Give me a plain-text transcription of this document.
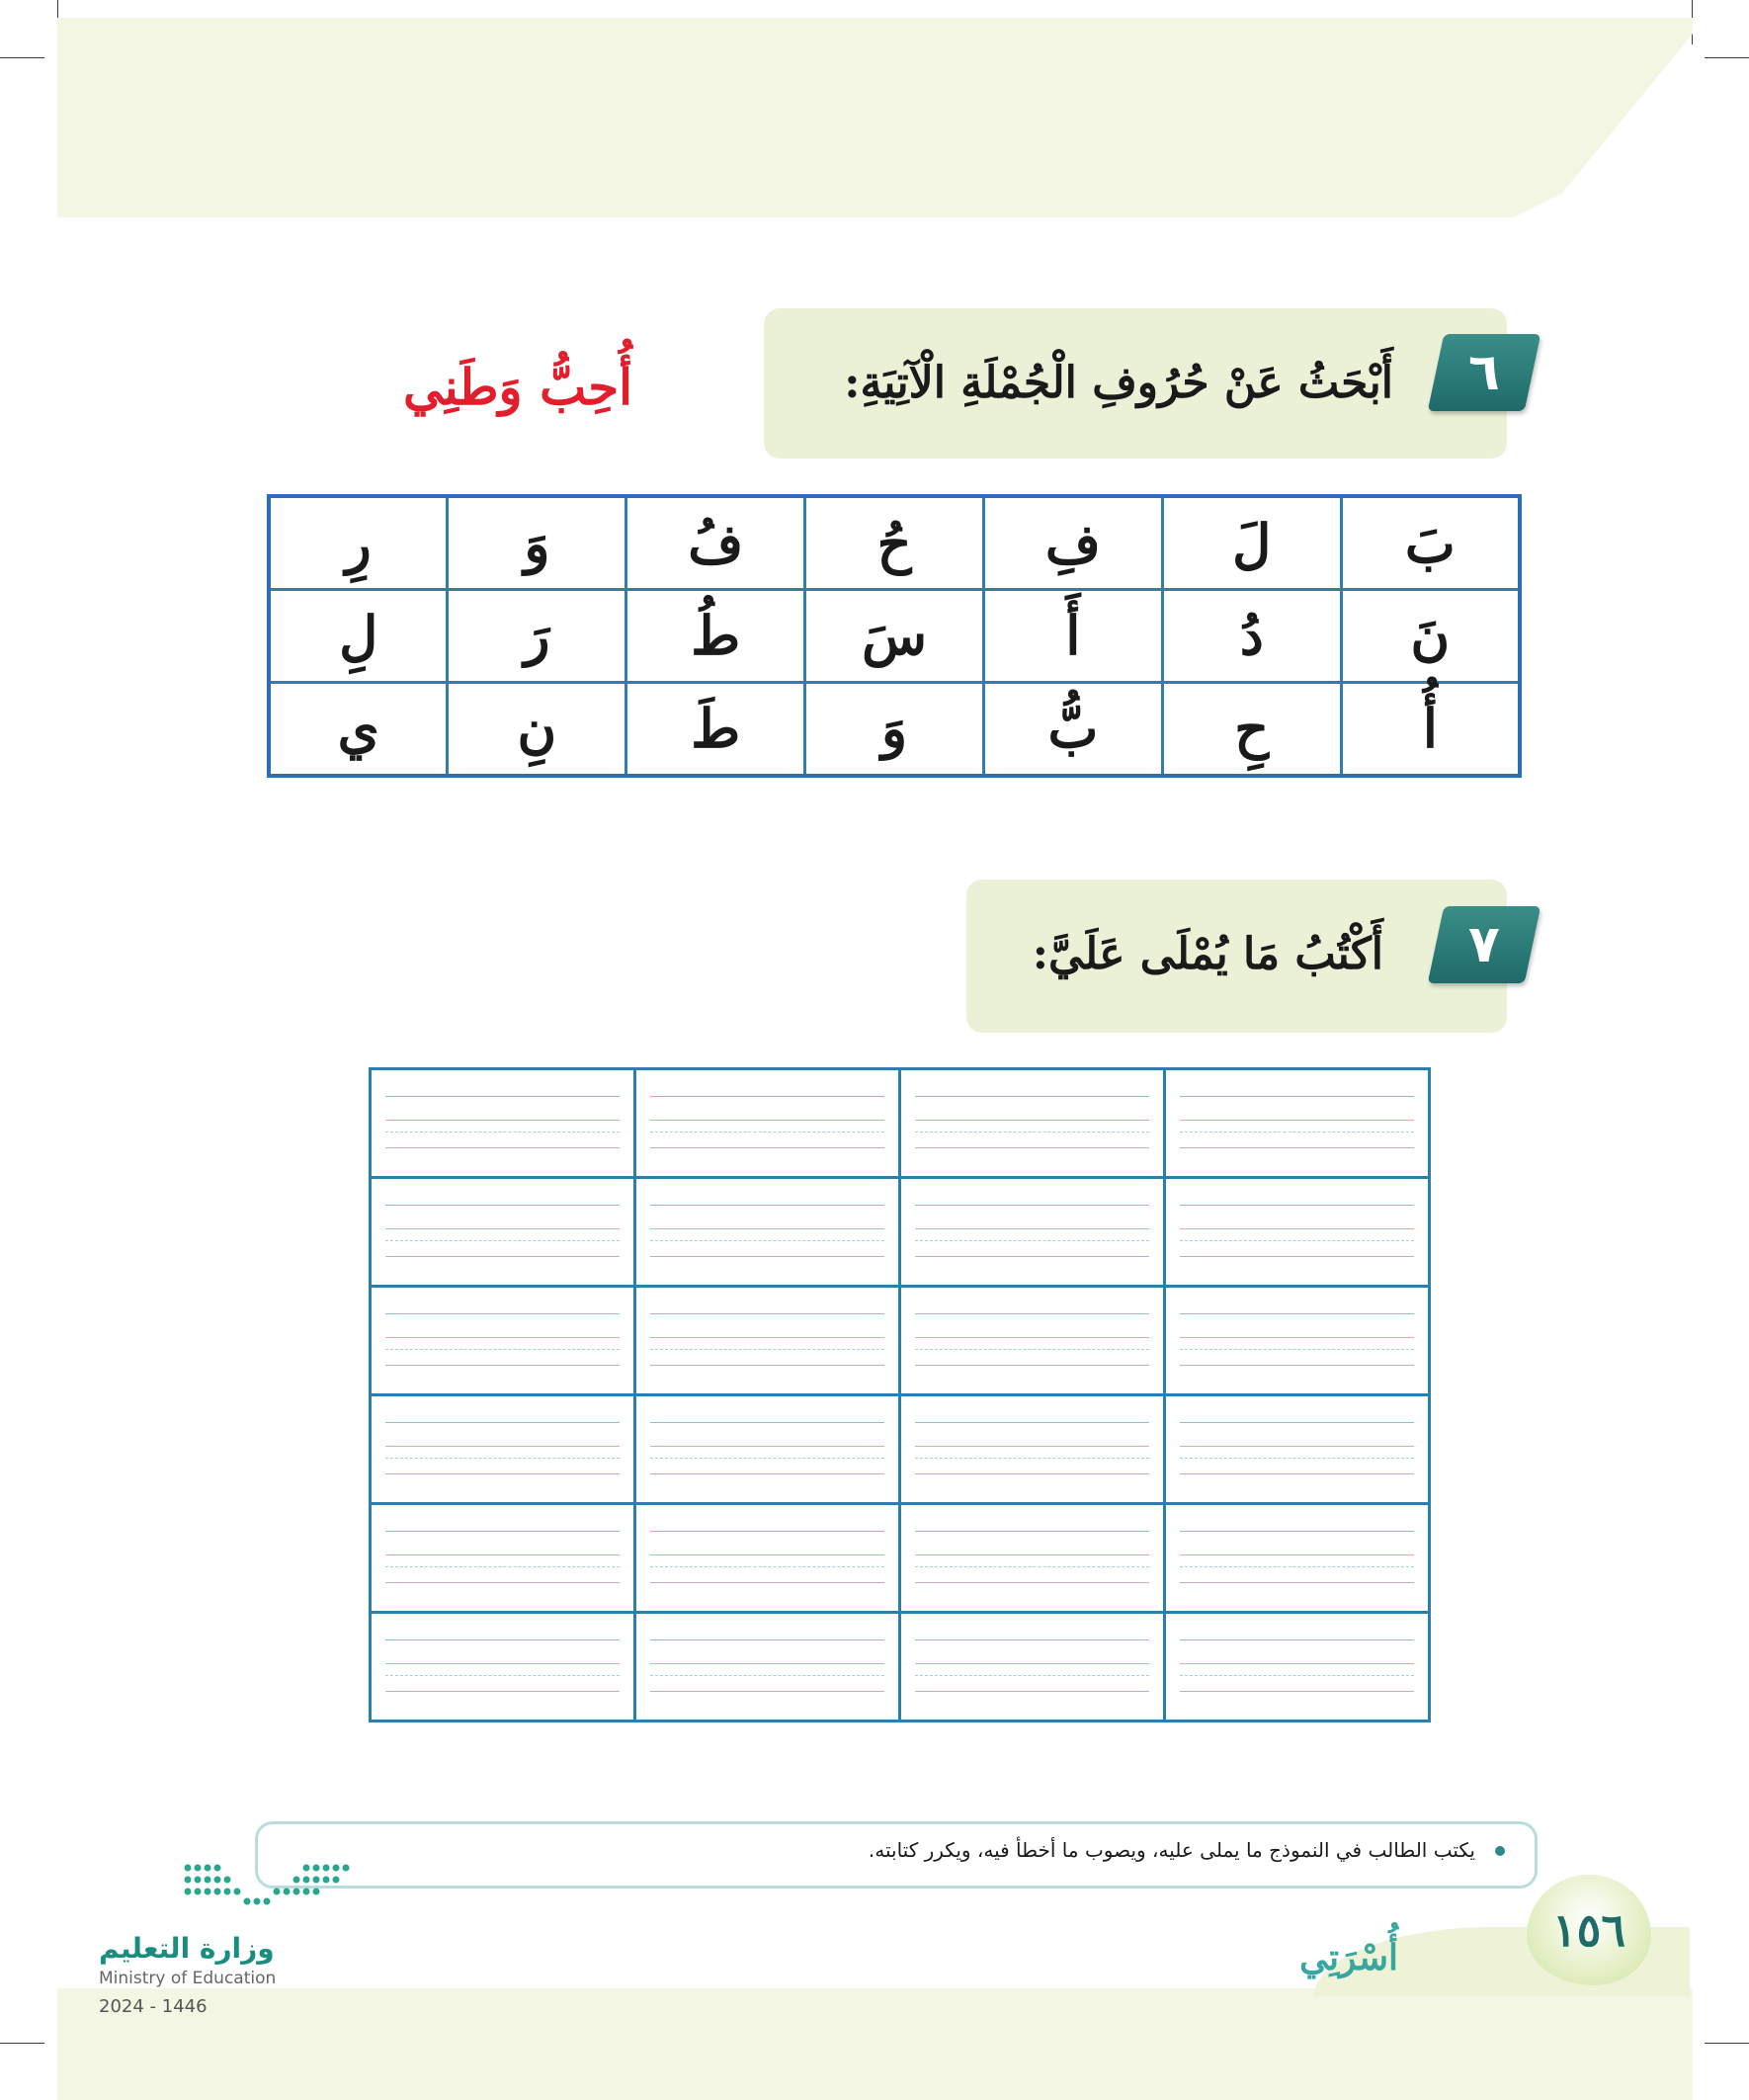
٦
أَبْحَثُ عَنْ حُرُوفِ الْجُمْلَةِ الْآتِيَةِ:
أُحِبُّ وَطَنِي
بَ	لَ	فِ	حُ	فُ	وَ	رِ
نَ	دُ	أَ	سَ	طُ	رَ	لِ
أُ	حِ	بُّ	وَ	طَ	نِ	ي
٧
أَكْتُبُ مَا يُمْلَى عَلَيَّ:

يكتب الطالب في النموذج ما يملى عليه، ويصوب ما أخطأ فيه، ويكرر كتابته.
١٥٦
أُسْرَتِي
وزارة التعليم
Ministry of Education
2024 - 1446
